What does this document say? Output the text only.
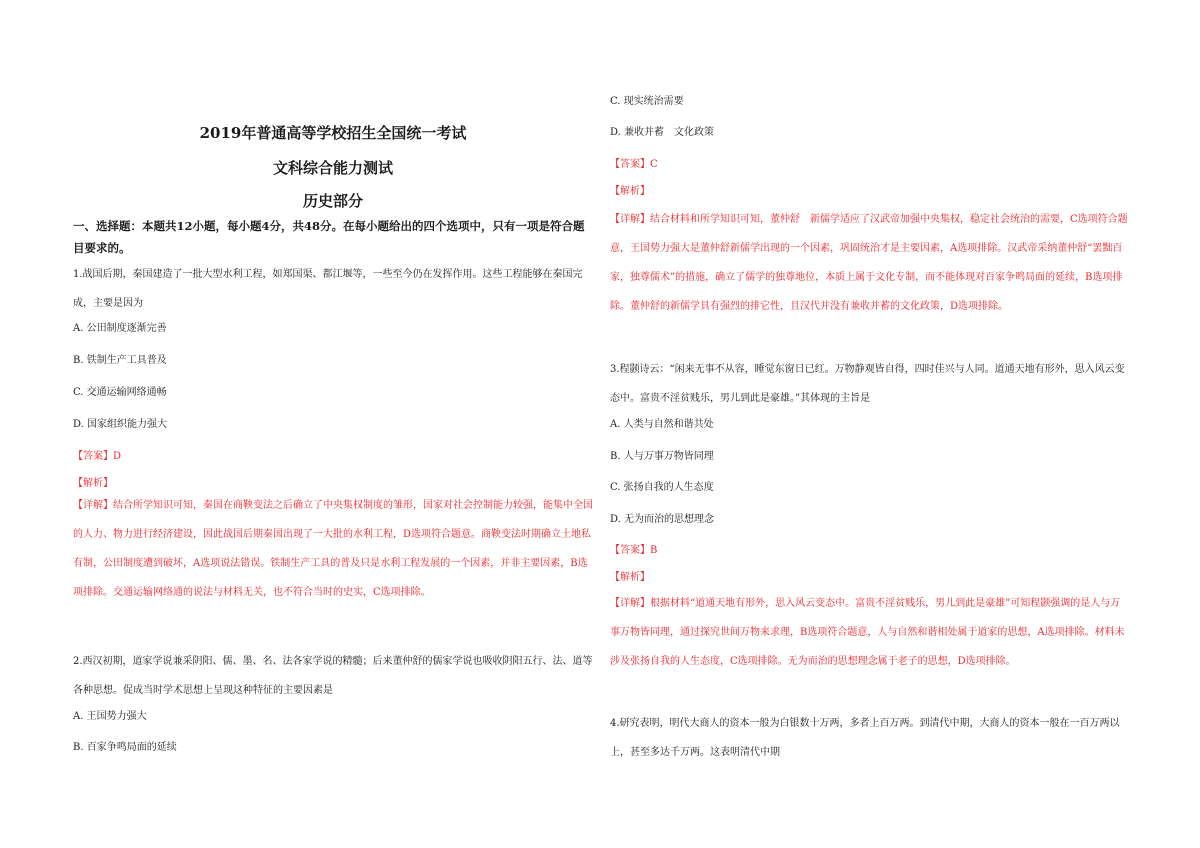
2019年普通高等学校招生全国统一考试
文科综合能力测试
历史部分

一、选择题：本题共12小题，每小题4分，共48分。在每小题给出的四个选项中，只有一项是符合题目要求的。

1.战国后期，秦国建造了一批大型水利工程，如郑国渠、都江堰等，一些至今仍在发挥作用。这些工程能够在秦国完成，主要是因为

A. 公田制度逐渐完善
B. 铁制生产工具普及
C. 交通运输网络通畅
D. 国家组织能力强大
【答案】D
【解析】

【详解】结合所学知识可知，秦国在商鞅变法之后确立了中央集权制度的雏形，国家对社会控制能力较强，能集中全国的人力、物力进行经济建设，因此战国后期秦国出现了一大批的水利工程，D选项符合题意。商鞅变法时期确立土地私有制，公田制度遭到破坏，A选项说法错误。铁制生产工具的普及只是水利工程发展的一个因素，并非主要因素，B选项排除。交通运输网络通的说法与材料无关，也不符合当时的史实，C选项排除。

2.西汉初期，道家学说兼采阴阳、儒、墨、名、法各家学说的精髓；后来董仲舒的儒家学说也吸收阴阳五行、法、道等各种思想。促成当时学术思想上呈现这种特征的主要因素是

A. 王国势力强大
B. 百家争鸣局面的延续
C. 现实统治需要
D. 兼收并蓄　文化政策
【答案】C
【解析】

【详解】结合材料和所学知识可知，董仲舒　新儒学适应了汉武帝加强中央集权，稳定社会统治的需要，C选项符合题意，王国势力强大是董仲舒新儒学出现的一个因素，巩固统治才是主要因素，A选项排除。汉武帝采纳董仲舒“罢黜百家，独尊儒术”的措施，确立了儒学的独尊地位，本质上属于文化专制，而不能体现对百家争鸣局面的延续，B选项排除。董仲舒的新儒学具有强烈的排它性，且汉代并没有兼收并蓄的文化政策，D选项排除。

3.程颢诗云：“闲来无事不从容，睡觉东窗日已红。万物静观皆自得，四时佳兴与人同。道通天地有形外，思入风云变态中。富贵不淫贫贱乐，男儿到此是豪雄。”其体现的主旨是

A. 人类与自然和谐共处
B. 人与万事万物皆同理
C. 张扬自我的人生态度
D. 无为而治的思想理念
【答案】B
【解析】

【详解】根据材料“道通天地有形外，思入风云变态中。富贵不淫贫贱乐，男儿到此是豪雄”可知程颢强调的是人与万事万物皆同理，通过探究世间万物来求理，B选项符合题意，人与自然和谐相处属于道家的思想，A选项排除。材料未涉及张扬自我的人生态度，C选项排除。无为而治的思想理念属于老子的思想，D选项排除。

4.研究表明，明代大商人的资本一般为白银数十万两，多者上百万两。到清代中期，大商人的资本一般在一百万两以上，甚至多达千万两。这表明清代中期
